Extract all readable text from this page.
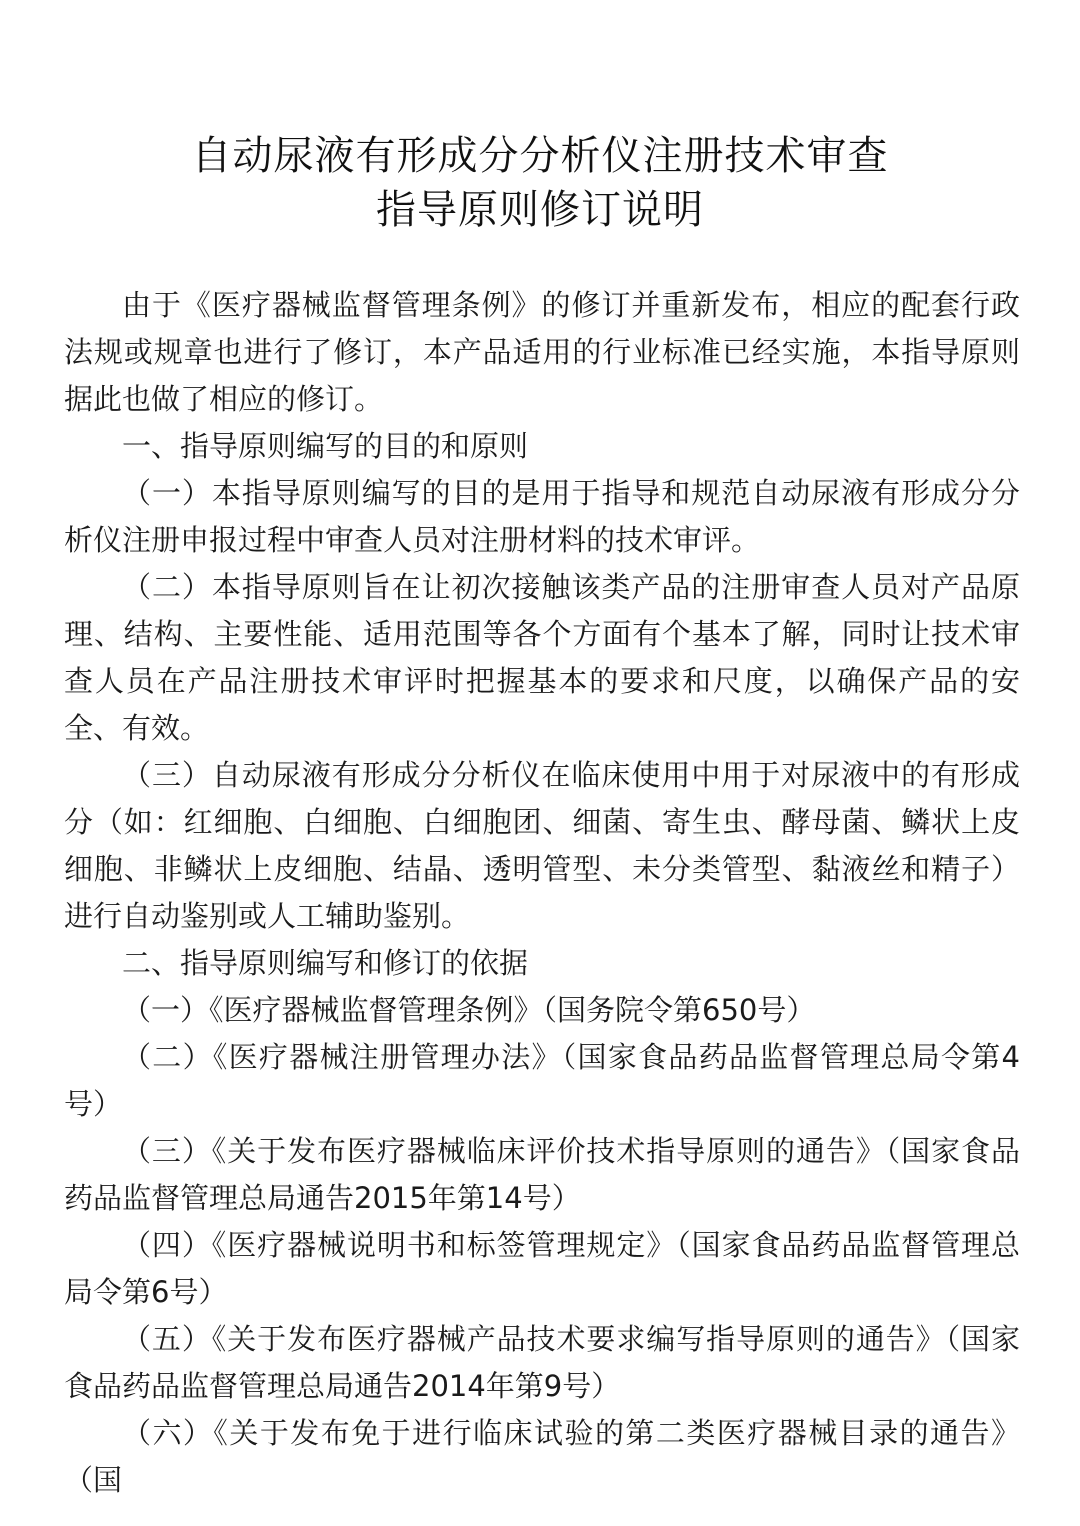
自动尿液有形成分分析仪注册技术审查
指导原则修订说明

由于《医疗器械监督管理条例》的修订并重新发布，相应的配套行政法规或规章也进行了修订，本产品适用的行业标准已经实施，本指导原则据此也做了相应的修订。

一、指导原则编写的目的和原则

（一）本指导原则编写的目的是用于指导和规范自动尿液有形成分分析仪注册申报过程中审查人员对注册材料的技术审评。

（二）本指导原则旨在让初次接触该类产品的注册审查人员对产品原理、结构、主要性能、适用范围等各个方面有个基本了解，同时让技术审查人员在产品注册技术审评时把握基本的要求和尺度，以确保产品的安全、有效。

（三）自动尿液有形成分分析仪在临床使用中用于对尿液中的有形成分（如：红细胞、白细胞、白细胞团、细菌、寄生虫、酵母菌、鳞状上皮细胞、非鳞状上皮细胞、结晶、透明管型、未分类管型、黏液丝和精子）进行自动鉴别或人工辅助鉴别。

二、指导原则编写和修订的依据

（一）《医疗器械监督管理条例》（国务院令第650号）

（二）《医疗器械注册管理办法》（国家食品药品监督管理总局令第4号）

（三）《关于发布医疗器械临床评价技术指导原则的通告》（国家食品药品监督管理总局通告2015年第14号）

（四）《医疗器械说明书和标签管理规定》（国家食品药品监督管理总局令第6号）

（五）《关于发布医疗器械产品技术要求编写指导原则的通告》（国家食品药品监督管理总局通告2014年第9号）

（六）《关于发布免于进行临床试验的第二类医疗器械目录的通告》（国
